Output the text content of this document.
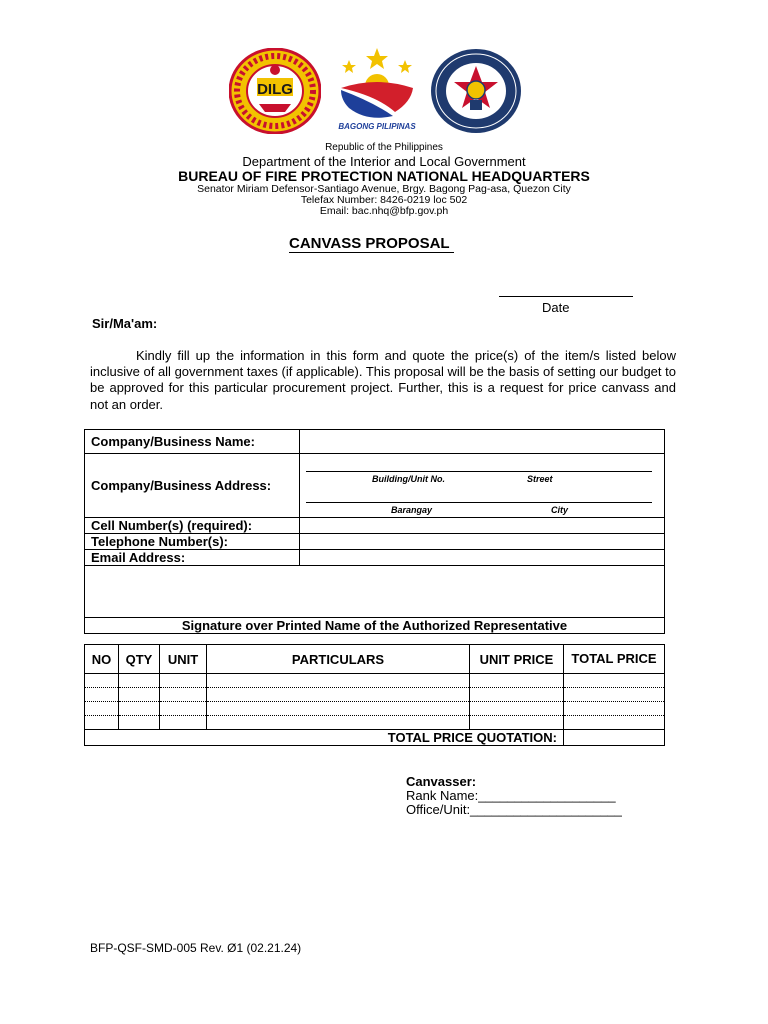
DILG
BAGONG PILIPINAS
Republic of the Philippines
Department of the Interior and Local Government
BUREAU OF FIRE PROTECTION NATIONAL HEADQUARTERS
Senator Miriam Defensor-Santiago Avenue, Brgy. Bagong Pag-asa, Quezon City
Telefax Number: 8426-0219 loc 502
Email: bac.nhq@bfp.gov.ph
CANVASS PROPOSAL
Date
Sir/Ma'am:
Kindly fill up the information in this form and quote the price(s) of the item/s listed below inclusive of all government taxes (if applicable). This proposal will be the basis of setting our budget to be approved for this particular procurement project. Further, this is a request for price canvass and not an order.
Company/Business Name:	
Company/Business Address:	Building/Unit No. Street
Barangay City

Cell Number(s) (required):	
Telephone Number(s):	
Email Address:	

Signature over Printed Name of the Authorized Representative	
NO	QTY	UNIT	PARTICULARS	UNIT PRICE	TOTAL PRICE

TOTAL PRICE QUOTATION:					
Canvasser:
Rank Name:___________________
Office/Unit:_____________________
BFP-QSF-SMD-005 Rev. Ø1 (02.21.24)
